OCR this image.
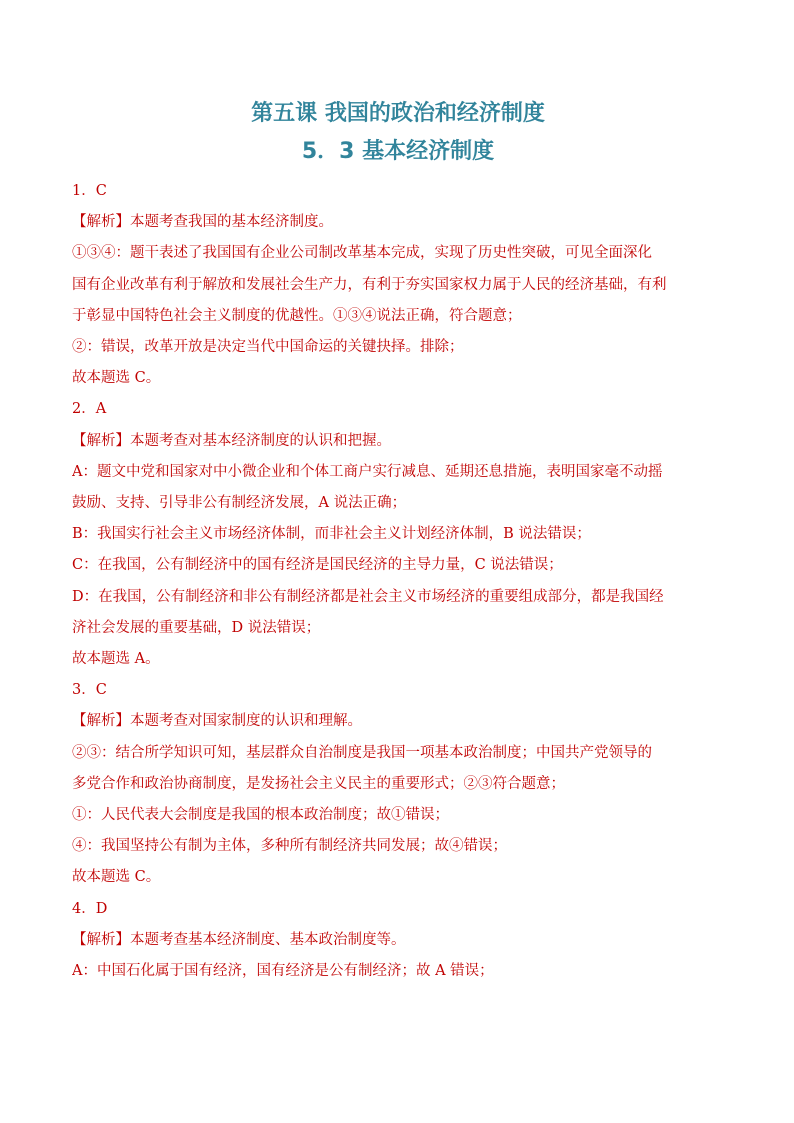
第五课 我国的政治和经济制度
5．3 基本经济制度

1．C

【解析】本题考查我国的基本经济制度。

①③④：题干表述了我国国有企业公司制改革基本完成，实现了历史性突破，可见全面深化

国有企业改革有利于解放和发展社会生产力，有利于夯实国家权力属于人民的经济基础，有利

于彰显中国特色社会主义制度的优越性。①③④说法正确，符合题意；

②：错误，改革开放是决定当代中国命运的关键抉择。排除；

故本题选 C。

2．A

【解析】本题考查对基本经济制度的认识和把握。

A：题文中党和国家对中小微企业和个体工商户实行减息、延期还息措施，表明国家毫不动摇

鼓励、支持、引导非公有制经济发展，A 说法正确；

B：我国实行社会主义市场经济体制，而非社会主义计划经济体制，B 说法错误；

C：在我国，公有制经济中的国有经济是国民经济的主导力量，C 说法错误；

D：在我国，公有制经济和非公有制经济都是社会主义市场经济的重要组成部分，都是我国经

济社会发展的重要基础，D 说法错误；

故本题选 A。

3．C

【解析】本题考查对国家制度的认识和理解。

②③：结合所学知识可知，基层群众自治制度是我国一项基本政治制度；中国共产党领导的

多党合作和政治协商制度，是发扬社会主义民主的重要形式；②③符合题意；

①：人民代表大会制度是我国的根本政治制度；故①错误；

④：我国坚持公有制为主体，多种所有制经济共同发展；故④错误；

故本题选 C。

4．D

【解析】本题考查基本经济制度、基本政治制度等。

A：中国石化属于国有经济，国有经济是公有制经济；故 A 错误；
